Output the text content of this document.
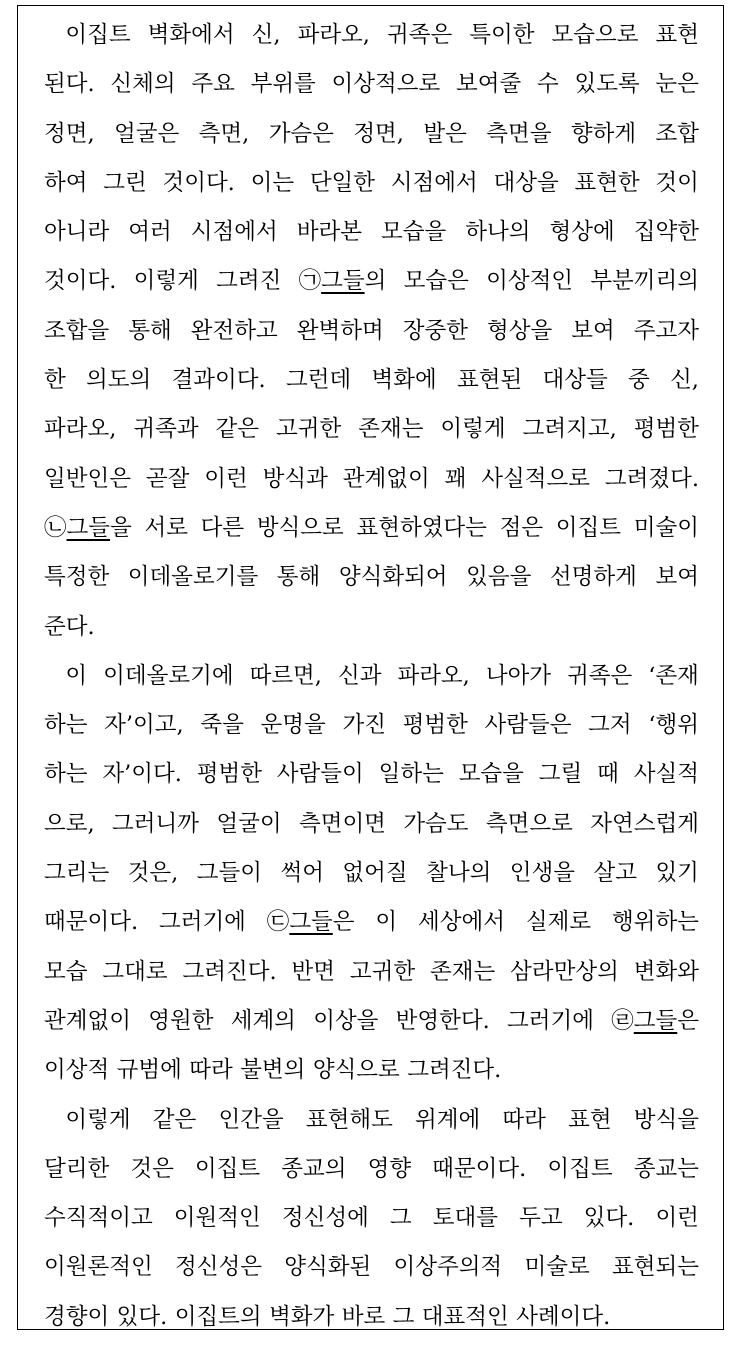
이집트 벽화에서 신, 파라오, 귀족은 특이한 모습으로 표현
된다. 신체의 주요 부위를 이상적으로 보여줄 수 있도록 눈은
정면, 얼굴은 측면, 가슴은 정면, 발은 측면을 향하게 조합
하여 그린 것이다. 이는 단일한 시점에서 대상을 표현한 것이
아니라 여러 시점에서 바라본 모습을 하나의 형상에 집약한
것이다. 이렇게 그려진 ㉠그들의 모습은 이상적인 부분끼리의
조합을 통해 완전하고 완벽하며 장중한 형상을 보여 주고자
한 의도의 결과이다. 그런데 벽화에 표현된 대상들 중 신,
파라오, 귀족과 같은 고귀한 존재는 이렇게 그려지고, 평범한
일반인은 곧잘 이런 방식과 관계없이 꽤 사실적으로 그려졌다.
㉡그들을 서로 다른 방식으로 표현하였다는 점은 이집트 미술이
특정한 이데올로기를 통해 양식화되어 있음을 선명하게 보여
준다.
이 이데올로기에 따르면, 신과 파라오, 나아가 귀족은 ‘존재
하는 자’이고, 죽을 운명을 가진 평범한 사람들은 그저 ‘행위
하는 자’이다. 평범한 사람들이 일하는 모습을 그릴 때 사실적
으로, 그러니까 얼굴이 측면이면 가슴도 측면으로 자연스럽게
그리는 것은, 그들이 썩어 없어질 찰나의 인생을 살고 있기
때문이다. 그러기에 ㉢그들은 이 세상에서 실제로 행위하는
모습 그대로 그려진다. 반면 고귀한 존재는 삼라만상의 변화와
관계없이 영원한 세계의 이상을 반영한다. 그러기에 ㉣그들은
이상적 규범에 따라 불변의 양식으로 그려진다.
이렇게 같은 인간을 표현해도 위계에 따라 표현 방식을
달리한 것은 이집트 종교의 영향 때문이다. 이집트 종교는
수직적이고 이원적인 정신성에 그 토대를 두고 있다. 이런
이원론적인 정신성은 양식화된 이상주의적 미술로 표현되는
경향이 있다. 이집트의 벽화가 바로 그 대표적인 사례이다.
